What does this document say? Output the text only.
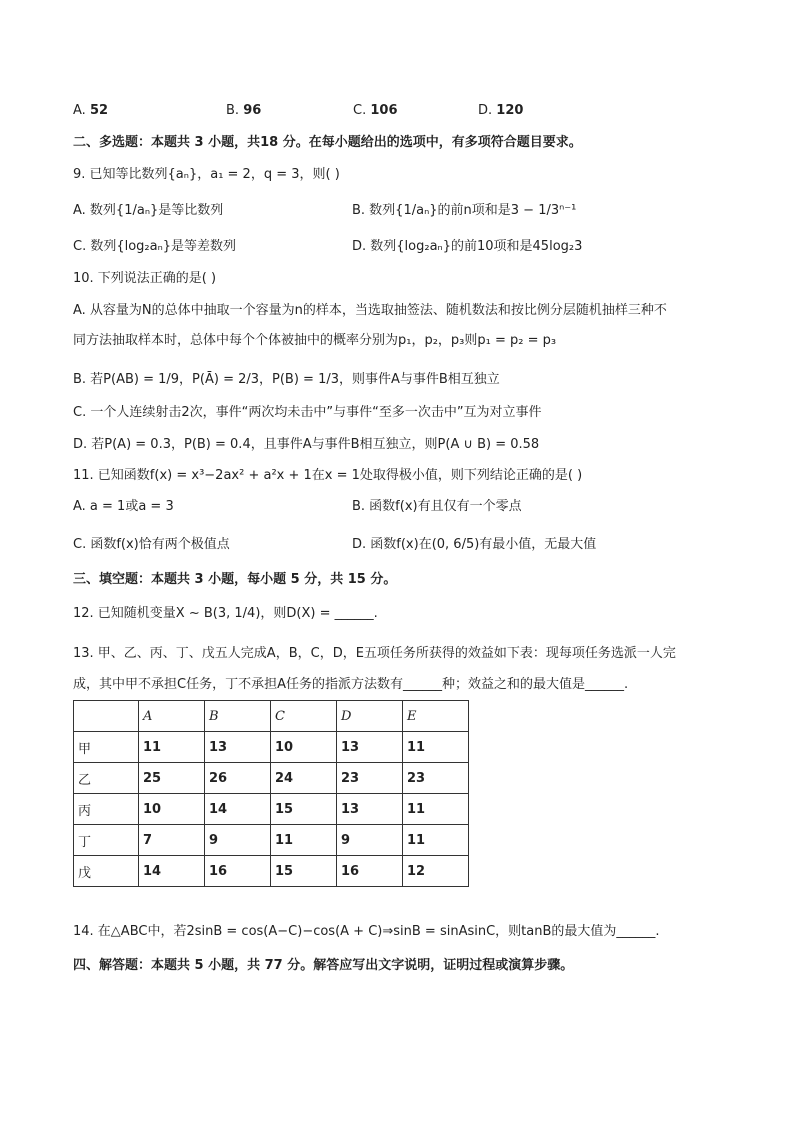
A. 52	B. 96	C. 106	D. 120
二、多选题：本题共 3 小题，共18 分。在每小题给出的选项中，有多项符合题目要求。
9. 已知等比数列{aₙ}，a₁ = 2，q = 3，则( )
A. 数列{1/aₙ}是等比数列	B. 数列{1/aₙ}的前n项和是3 − 1/3ⁿ⁻¹
C. 数列{log₂aₙ}是等差数列	D. 数列{log₂aₙ}的前10项和是45log₂3
10. 下列说法正确的是( )
A. 从容量为N的总体中抽取一个容量为n的样本，当选取抽签法、随机数法和按比例分层随机抽样三种不
同方法抽取样本时，总体中每个个体被抽中的概率分别为p₁，p₂，p₃则p₁ = p₂ = p₃
B. 若P(AB) = 1/9，P(Ā) = 2/3，P(B) = 1/3，则事件A与事件B相互独立
C. 一个人连续射击2次，事件“两次均未击中”与事件“至多一次击中”互为对立事件
D. 若P(A) = 0.3，P(B) = 0.4，且事件A与事件B相互独立，则P(A ∪ B) = 0.58
11. 已知函数f(x) = x³−2ax² + a²x + 1在x = 1处取得极小值，则下列结论正确的是( )
A. a = 1或a = 3	B. 函数f(x)有且仅有一个零点
C. 函数f(x)恰有两个极值点	D. 函数f(x)在(0, 6/5)有最小值，无最大值
三、填空题：本题共 3 小题，每小题 5 分，共 15 分。
12. 已知随机变量X ~ B(3, 1/4)，则D(X) = ______.
13. 甲、乙、丙、丁、戊五人完成A，B，C，D，E五项任务所获得的效益如下表：现每项任务选派一人完
成，其中甲不承担C任务，丁不承担A任务的指派方法数有______种；效益之和的最大值是______.
	A	B	C	D	E
甲	11	13	10	13	11
乙	25	26	24	23	23
丙	10	14	15	13	11
丁	7	9	11	9	11
戊	14	16	15	16	12
14. 在△ABC中，若2sinB = cos(A−C)−cos(A + C)⇒sinB = sinAsinC，则tanB的最大值为______.
四、解答题：本题共 5 小题，共 77 分。解答应写出文字说明，证明过程或演算步骤。
